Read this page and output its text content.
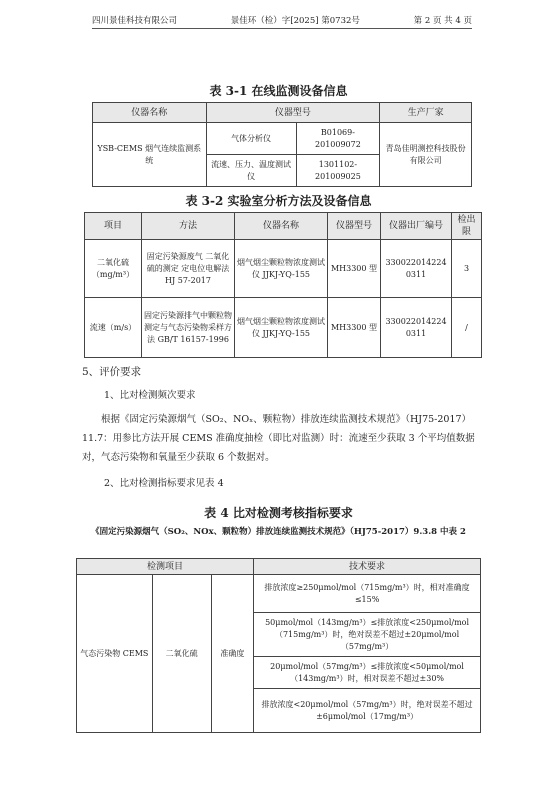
四川景佳科技有限公司	景佳环（检）字[2025] 第0732号	第 2 页 共 4 页
表 3-1 在线监测设备信息
仪器名称	仪器型号		生产厂家
YSB-CEMS 烟气连续监测系统	气体分析仪	B01069-201009072	青岛佳明测控科技股份有限公司
	流速、压力、温度测试仪	1301102-201009025	
表 3-2 实验室分析方法及设备信息
项目	方法	仪器名称	仪器型号	仪器出厂编号	检出限
二氧化硫（mg/m³）	固定污染源废气 二氧化硫的测定 定电位电解法 HJ 57-2017	烟气烟尘颗粒物浓度测试仪 JJKJ-YQ-155	MH3300 型	330022014224 0311	3
流速（m/s）	固定污染源排气中颗粒物测定与气态污染物采样方法 GB/T 16157-1996	烟气烟尘颗粒物浓度测试仪 JJKJ-YQ-155	MH3300 型	330022014224 0311	/
5、评价要求
1、比对检测频次要求
根据《固定污染源烟气（SO₂、NOₓ、颗粒物）排放连续监测技术规范》（HJ75-2017）11.7：用参比方法开展 CEMS 准确度抽检（即比对监测）时：流速至少获取 3 个平均值数据对，气态污染物和氧量至少获取 6 个数据对。
2、比对检测指标要求见表 4
表 4 比对检测考核指标要求
《固定污染源烟气（SO₂、NOx、颗粒物）排放连续监测技术规范》（HJ75-2017）9.3.8 中表 2
检测项目			技术要求
气态污染物 CEMS	二氧化硫	准确度	排放浓度≥250μmol/mol（715mg/m³）时，相对准确度≤15%
			50μmol/mol（143mg/m³）≤排放浓度<250μmol/mol（715mg/m³）时，绝对误差不超过±20μmol/mol（57mg/m³）
			20μmol/mol（57mg/m³）≤排放浓度<50μmol/mol（143mg/m³）时，相对误差不超过±30%
			排放浓度<20μmol/mol（57mg/m³）时，绝对误差不超过±6μmol/mol（17mg/m³）
